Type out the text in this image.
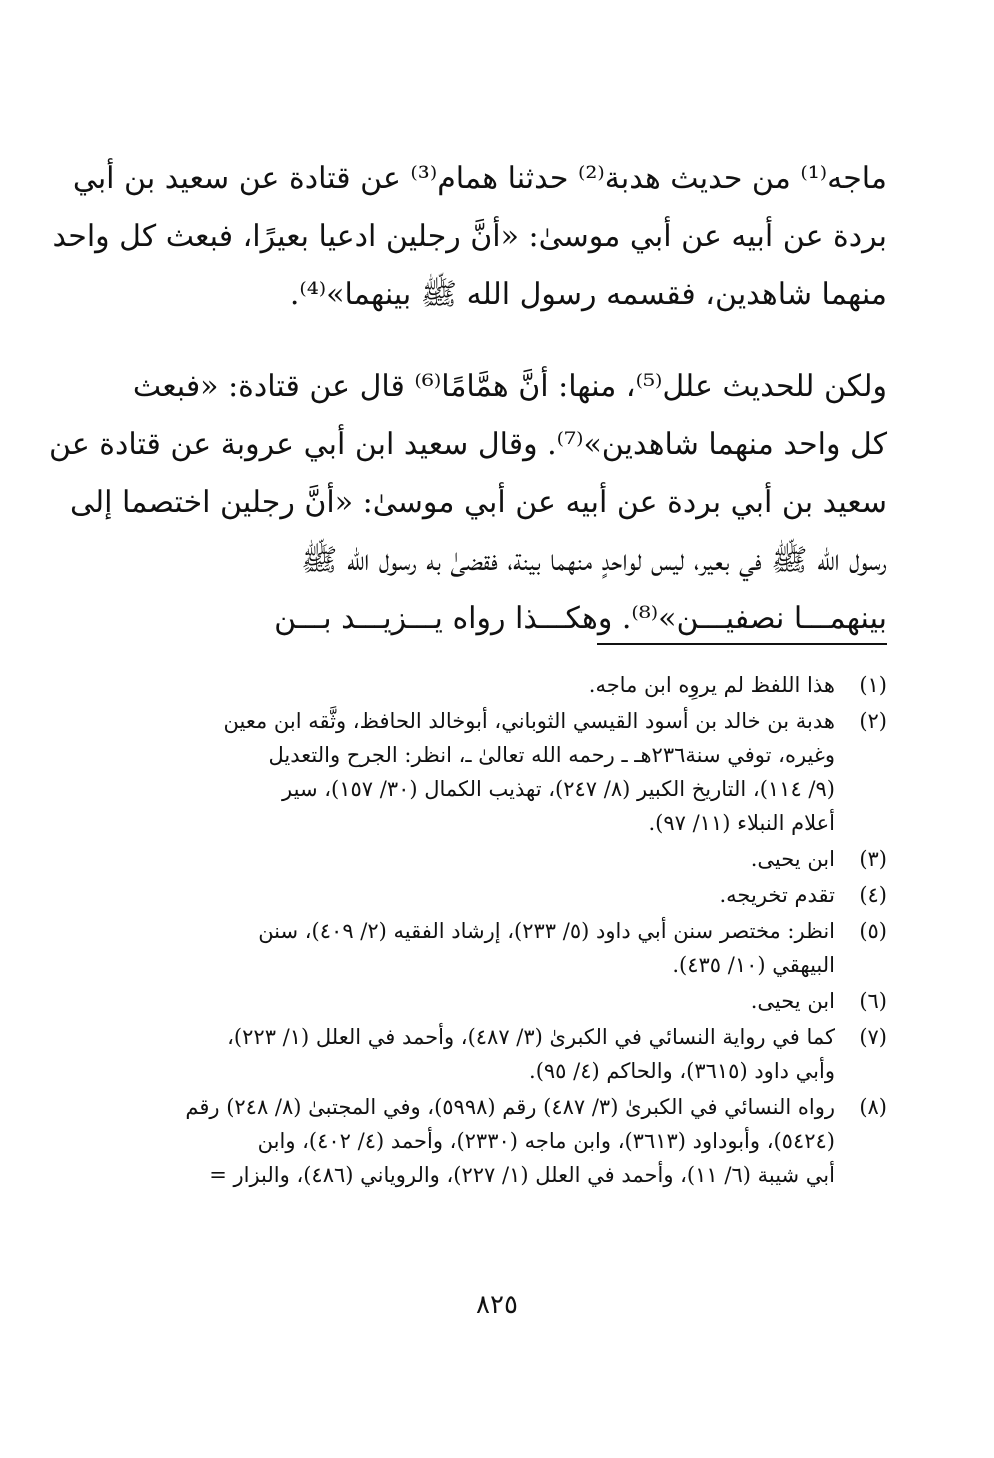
ماجه⁽¹⁾ من حديث هدبة⁽²⁾ حدثنا همام⁽³⁾ عن قتادة عن سعيد بن أبي
بردة عن أبيه عن أبي موسىٰ: «أنَّ رجلين ادعيا بعيرًا، فبعث كل واحد
منهما شاهدين، فقسمه رسول الله ﷺ بينهما»⁽⁴⁾.

ولكن للحديث علل⁽⁵⁾، منها: أنَّ همَّامًا⁽⁶⁾ قال عن قتادة: «فبعث
كل واحد منهما شاهدين»⁽⁷⁾. وقال سعيد ابن أبي عروبة عن قتادة عن
سعيد بن أبي بردة عن أبيه عن أبي موسىٰ: «أنَّ رجلين اختصما إلى
رسول الله ﷺ في بعير، ليس لواحدٍ منهما بينة، فقضىٰ به رسول الله ﷺ
بينهمـــا نصفيـــن»⁽⁸⁾. وهكـــذا رواه يـــزيـــد بـــن

(١)
هذا اللفظ لم يروِه ابن ماجه.
(٢)
هدبة بن خالد بن أسود القيسي الثوباني، أبوخالد الحافظ، وثَّقه ابن معين
وغيره، توفي سنة٢٣٦هـ ـ رحمه الله تعالىٰ ـ، انظر: الجرح والتعديل
(٩/ ١١٤)، التاريخ الكبير (٨/ ٢٤٧)، تهذيب الكمال (٣٠/ ١٥٧)، سير
أعلام النبلاء (١١/ ٩٧).
(٣)
ابن يحيى.
(٤)
تقدم تخريجه.
(٥)
انظر: مختصر سنن أبي داود (٥/ ٢٣٣)، إرشاد الفقيه (٢/ ٤٠٩)، سنن
البيهقي (١٠/ ٤٣٥).
(٦)
ابن يحيى.
(٧)
كما في رواية النسائي في الكبرىٰ (٣/ ٤٨٧)، وأحمد في العلل (١/ ٢٢٣)،
وأبي داود (٣٦١٥)، والحاكم (٤/ ٩٥).
(٨)
رواه النسائي في الكبرىٰ (٣/ ٤٨٧) رقم (٥٩٩٨)، وفي المجتبىٰ (٨/ ٢٤٨) رقم
(٥٤٢٤)، وأبوداود (٣٦١٣)، وابن ماجه (٢٣٣٠)، وأحمد (٤/ ٤٠٢)، وابن
أبي شيبة (٦/ ١١)، وأحمد في العلل (١/ ٢٢٧)، والروياني (٤٨٦)، والبزار =
٨٢٥
